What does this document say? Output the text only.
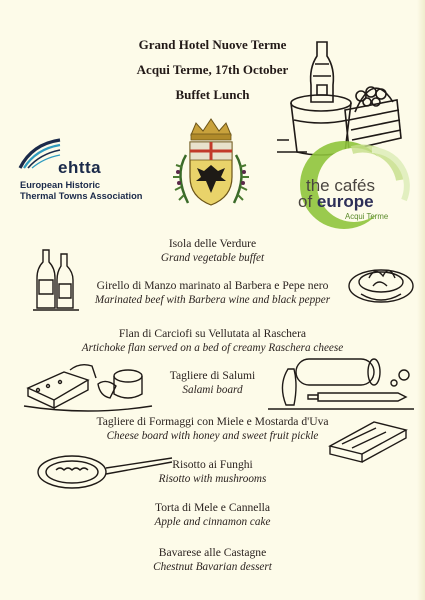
Grand Hotel Nuove Terme
Acqui Terme, 17th October
Buffet Lunch
ehtta
European Historic
Thermal Towns Association
the cafés
of europe
Acqui Terme
Isola delle Verdure
Grand vegetable buffet
Girello di Manzo marinato al Barbera e Pepe nero
Marinated beef with Barbera wine and black pepper
Flan di Carciofi su Vellutata al Raschera
Artichoke flan served on a bed of creamy Raschera cheese
Tagliere di Salumi
Salami board
Tagliere di Formaggi con Miele e Mostarda d'Uva
Cheese board with honey and sweet fruit pickle
Risotto ai Funghi
Risotto with mushrooms
Torta di Mele e Cannella
Apple and cinnamon cake
Bavarese alle Castagne
Chestnut Bavarian dessert
